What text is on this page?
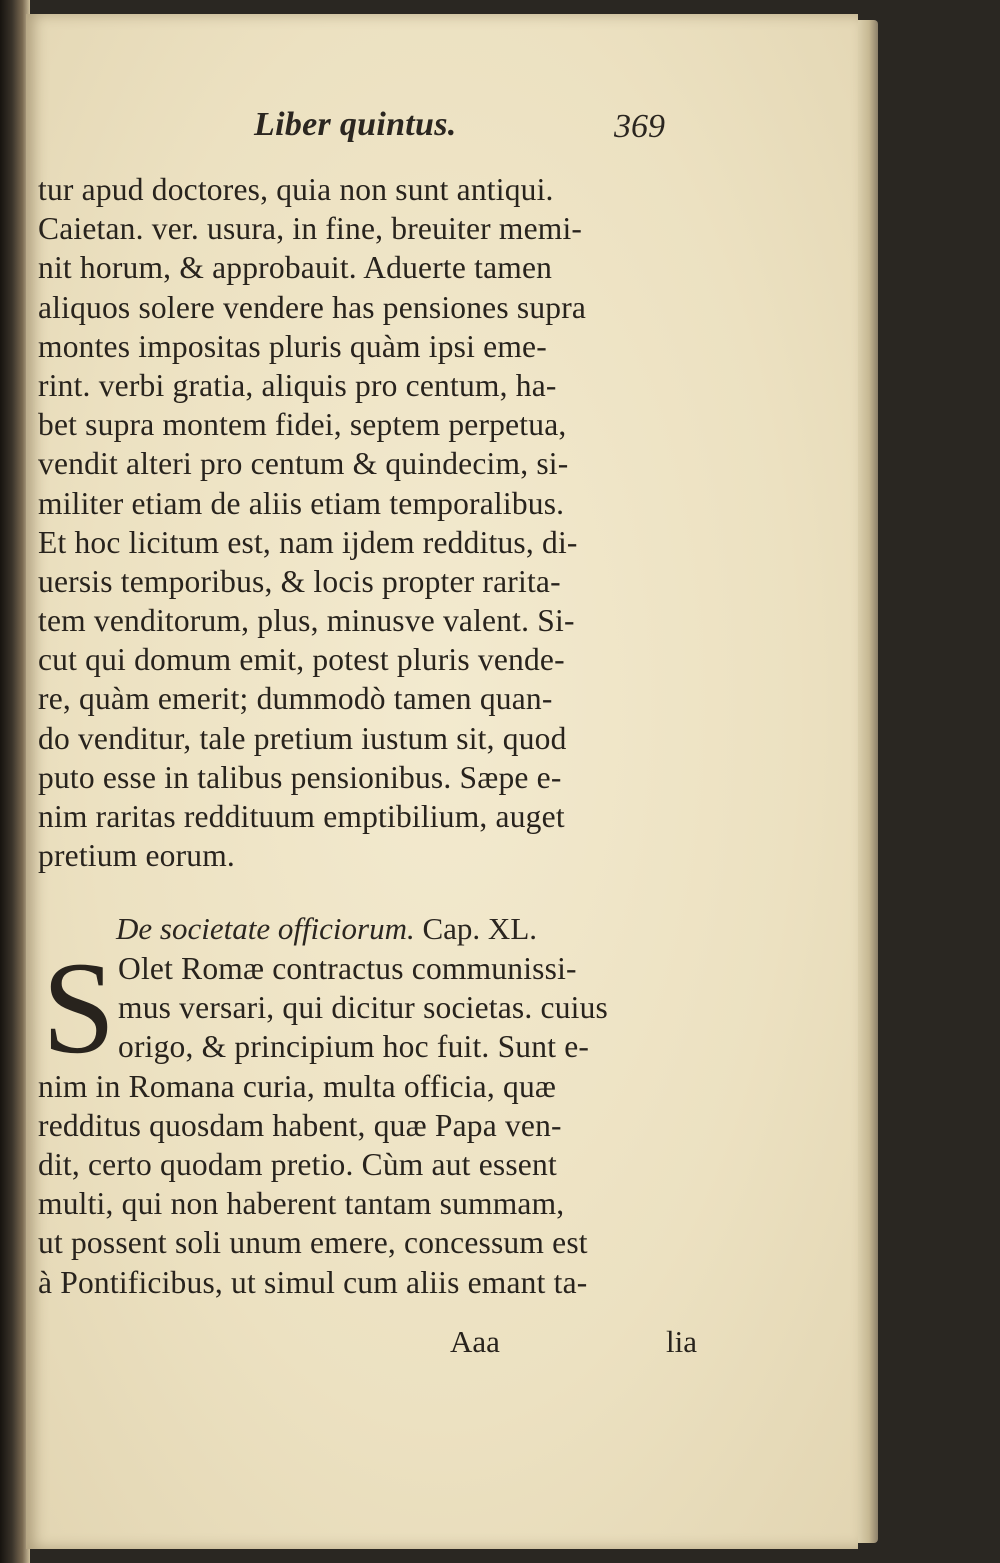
Liber quintus.	369
tur apud doctores, quia non sunt antiqui.
Caietan. ver. usura, in fine, breuiter memi-
nit horum, & approbauit. Aduerte tamen
aliquos solere vendere has pensiones supra
montes impositas pluris quàm ipsi eme-
rint. verbi gratia, aliquis pro centum, ha-
bet supra montem fidei, septem perpetua,
vendit alteri pro centum & quindecim, si-
militer etiam de aliis etiam temporalibus.
Et hoc licitum est, nam ijdem redditus, di-
uersis temporibus, & locis propter rarita-
tem venditorum, plus, minusve valent. Si-
cut qui domum emit, potest pluris vende-
re, quàm emerit; dummodò tamen quan-
do venditur, tale pretium iustum sit, quod
puto esse in talibus pensionibus. Sæpe e-
nim raritas reddituum emptibilium, auget
pretium eorum.
De societate officiorum. Cap. XL.
S Olet Romæ contractus communissi-
mus versari, qui dicitur societas. cuius
origo, & principium hoc fuit. Sunt e-
nim in Romana curia, multa officia, quæ
redditus quosdam habent, quæ Papa ven-
dit, certo quodam pretio. Cùm aut essent
multi, qui non haberent tantam summam,
ut possent soli unum emere, concessum est
à Pontificibus, ut simul cum aliis emant ta-
Aaa	lia
